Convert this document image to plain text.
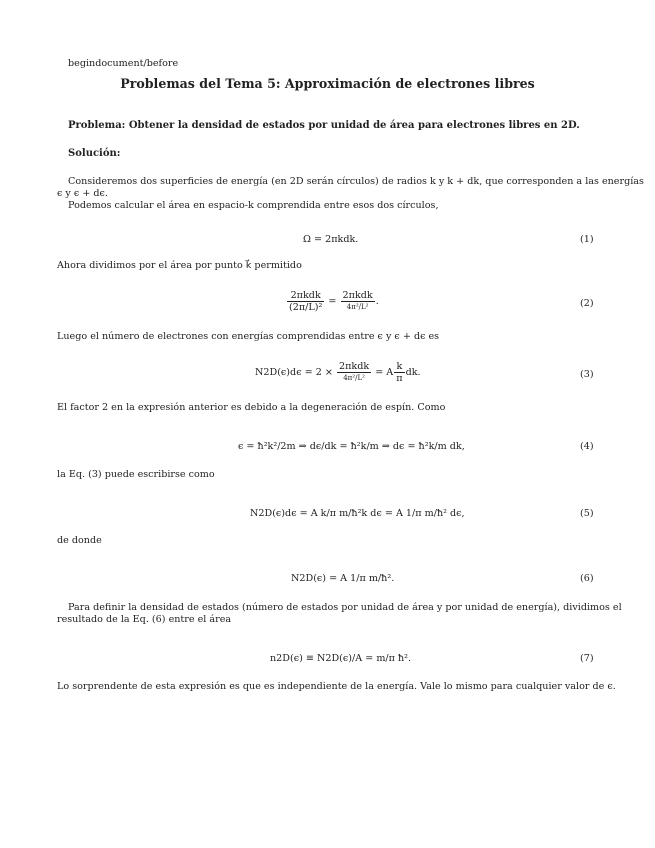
begindocument/before
Problemas del Tema 5: Approximación de electrones libres
Problema: Obtener la densidad de estados por unidad de área para electrones libres en 2D.
Solución:
Consideremos dos superficies de energía (en 2D serán círculos) de radios k y k + dk, que corresponden a las energías
ϵ y ϵ + dϵ.
Podemos calcular el área en espacio-k comprendida entre esos dos círculos,
Ω = 2πkdk.	(1)
Ahora dividimos por el área por punto k⃗ permitido
$\frac{\text{2πkdk}}{\text{(2π/L)²}} = \frac{\text{2πkdk}}{\text{4π²/L²}}$ .	(2)
Luego el número de electrones con energías comprendidas entre ϵ y ϵ + dϵ es
$N2D(\epsilon)d\epsilon = 2 \times \frac{\text{2πkdk}}{\text{4π²/L²}} = A \frac{k}{\pi}$ dk.	(3)
El factor 2 en la expresión anterior es debido a la degeneración de espín. Como
ϵ = ħ²k²/2m ⇒ dϵ/dk = ħ²k/m ⇒ dϵ = ħ²k/m dk,	(4)
la Eq. (3) puede escribirse como
N2D(ϵ)dϵ = A k/π m/ħ²k dϵ = A 1/π m/ħ² dϵ,	(5)
de donde
N2D(ϵ) = A 1/π m/ħ².	(6)
Para definir la densidad de estados (número de estados por unidad de área y por unidad de energía), dividimos el
resultado de la Eq. (6) entre el área
n2D(ϵ) ≡ N2D(ϵ)/A = m/π ħ².	(7)
Lo sorprendente de esta expresión es que es independiente de la energía. Vale lo mismo para cualquier valor de ϵ.
